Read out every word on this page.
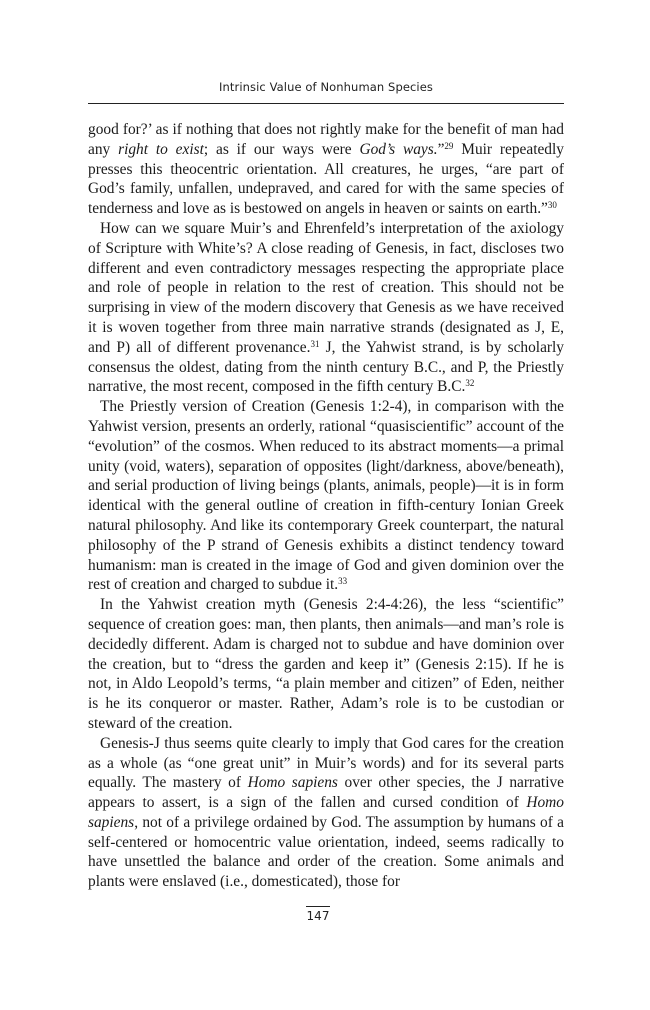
Intrinsic Value of Nonhuman Species

good for?’ as if nothing that does not rightly make for the benefit of man had any right to exist; as if our ways were God’s ways.”$^{29}$ Muir repeatedly presses this theocentric orientation. All creatures, he urges, “are part of God’s family, unfallen, undepraved, and cared for with the same species of tenderness and love as is bestowed on angels in heaven or saints on earth.”$^{30}$

How can we square Muir’s and Ehrenfeld’s interpretation of the axiology of Scripture with White’s? A close reading of Genesis, in fact, discloses two different and even contradictory messages respecting the appropriate place and role of people in relation to the rest of creation. This should not be surprising in view of the modern discovery that Genesis as we have received it is woven together from three main narrative strands (designated as J, E, and P) all of different provenance.$^{31}$ J, the Yahwist strand, is by scholarly consensus the oldest, dating from the ninth century B.C., and P, the Priestly narrative, the most recent, composed in the fifth century B.C.$^{32}$

The Priestly version of Creation (Genesis 1:2-4), in comparison with the Yahwist version, presents an orderly, rational “quasiscientific” account of the “evolution” of the cosmos. When reduced to its abstract moments—a primal unity (void, waters), separation of opposites (light/darkness, above/beneath), and serial production of living beings (plants, animals, people)—it is in form identical with the general outline of creation in fifth-century Ionian Greek natural philosophy. And like its contemporary Greek counterpart, the natural philosophy of the P strand of Genesis exhibits a distinct tendency toward humanism: man is created in the image of God and given dominion over the rest of creation and charged to subdue it.$^{33}$

In the Yahwist creation myth (Genesis 2:4-4:26), the less “scientific” sequence of creation goes: man, then plants, then animals—and man’s role is decidedly different. Adam is charged not to subdue and have dominion over the creation, but to “dress the garden and keep it” (Genesis 2:15). If he is not, in Aldo Leopold’s terms, “a plain member and citizen” of Eden, neither is he its conqueror or master. Rather, Adam’s role is to be custodian or steward of the creation.

Genesis-J thus seems quite clearly to imply that God cares for the creation as a whole (as “one great unit” in Muir’s words) and for its several parts equally. The mastery of Homo sapiens over other species, the J narrative appears to assert, is a sign of the fallen and cursed condition of Homo sapiens, not of a privilege ordained by God. The assumption by humans of a self-centered or homocentric value orientation, indeed, seems radically to have unsettled the balance and order of the creation. Some animals and plants were enslaved (i.e., domesticated), those for

147
